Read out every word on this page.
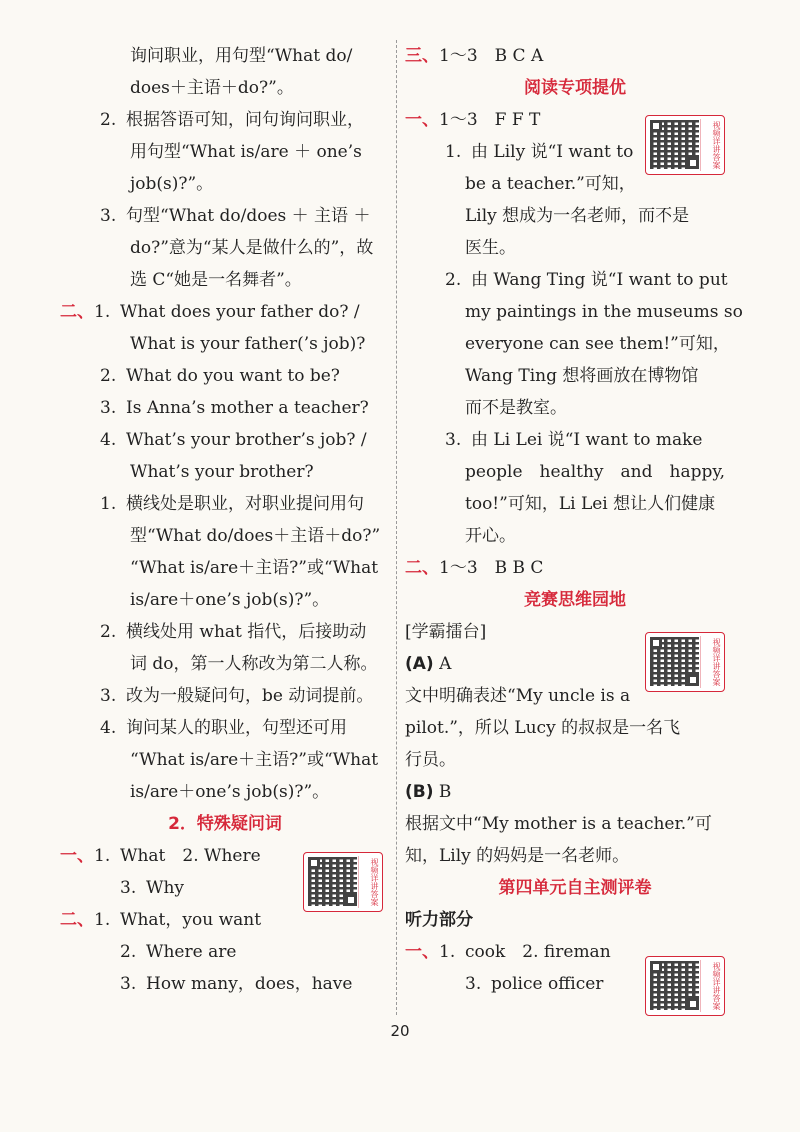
询问职业，用句型“What do/
does＋主语＋do?”。
2. 根据答语可知，问句询问职业，
用句型“What is/are ＋ one’s
job(s)?”。
3. 句型“What do/does ＋ 主语 ＋
do?”意为“某人是做什么的”，故
选 C“她是一名舞者”。
二、1. What does your father do? /
What is your father(’s job)?
2. What do you want to be?
3. Is Anna’s mother a teacher?
4. What’s your brother’s job? /
What’s your brother?
1. 横线处是职业，对职业提问用句
型“What do/does＋主语＋do?”
“What is/are＋主语?”或“What
is/are＋one’s job(s)?”。
2. 横线处用 what 指代，后接助动
词 do，第一人称改为第二人称。
3. 改为一般疑问句，be 动词提前。
4. 询问某人的职业，句型还可用
“What is/are＋主语?”或“What
is/are＋one’s job(s)?”。
2．特殊疑问词
一、1. What　2. Where
3. Why
二、1. What，you want
2. Where are
3. How many，does，have
三、1～3　B C A
阅读专项提优
一、1～3　F F T
1. 由 Lily 说“I want to
be a teacher.”可知，
Lily 想成为一名老师，而不是
医生。
2. 由 Wang Ting 说“I want to put
my paintings in the museums so
everyone can see them!”可知，
Wang Ting 想将画放在博物馆
而不是教室。
3. 由 Li Lei 说“I want to make
people　healthy　and　happy,
too!”可知，Li Lei 想让人们健康
开心。
二、1～3　B B C
竞赛思维园地
[学霸擂台]
(A) A
文中明确表述“My uncle is a
pilot.”，所以 Lucy 的叔叔是一名飞
行员。
(B) B
根据文中“My mother is a teacher.”可
知，Lily 的妈妈是一名老师。
第四单元自主测评卷
听力部分
一、1. cook　2. fireman
3. police officer
视频详讲答案
视频详讲答案
视频详讲答案
视频详讲答案
20
